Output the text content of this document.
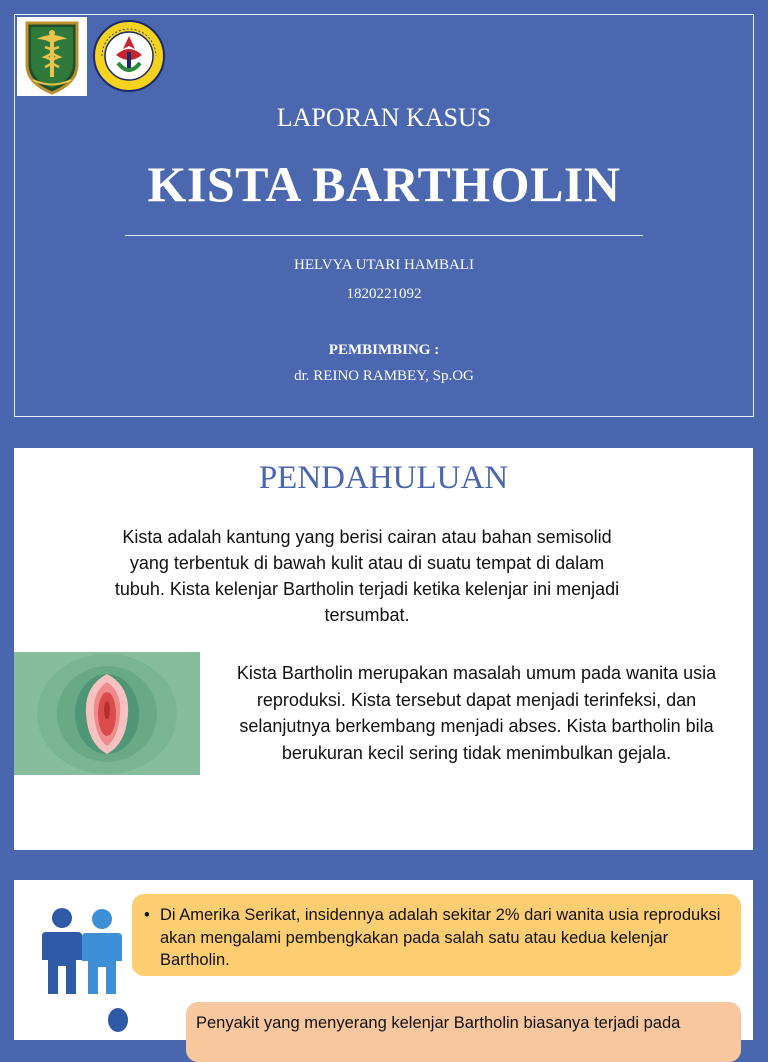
LAPORAN KASUS
KISTA BARTHOLIN
HELVYA UTARI HAMBALI
1820221092
PEMBIMBING :
dr. REINO RAMBEY, Sp.OG
PENDAHULUAN
Kista adalah kantung yang berisi cairan atau bahan semisolid yang terbentuk di bawah kulit atau di suatu tempat di dalam tubuh. Kista kelenjar Bartholin terjadi ketika kelenjar ini menjadi tersumbat.
Kista Bartholin merupakan masalah umum pada wanita usia reproduksi. Kista tersebut dapat menjadi terinfeksi, dan selanjutnya berkembang menjadi abses. Kista bartholin bila berukuran kecil sering tidak menimbulkan gejala.
• Di Amerika Serikat, insidennya adalah sekitar 2% dari wanita usia reproduksi akan mengalami pembengkakan pada salah satu atau kedua kelenjar Bartholin.
Penyakit yang menyerang kelenjar Bartholin biasanya terjadi pada
